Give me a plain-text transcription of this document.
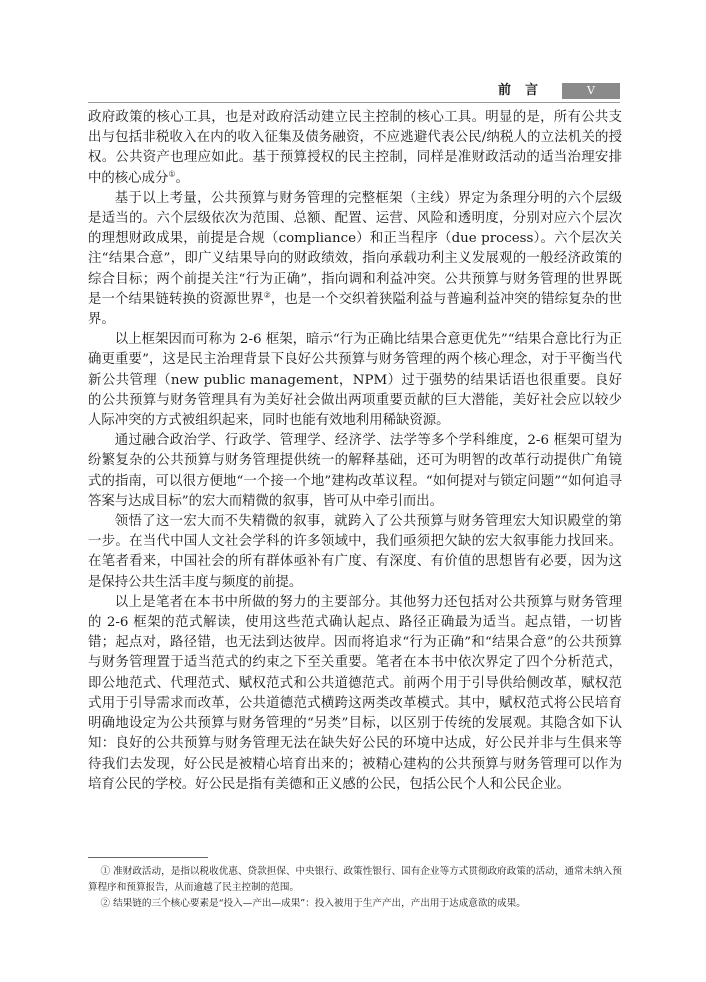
前言	V

政府政策的核心工具，也是对政府活动建立民主控制的核心工具。明显的是，所有公共支出与包括非税收入在内的收入征集及债务融资，不应逃避代表公民/纳税人的立法机关的授权。公共资产也理应如此。基于预算授权的民主控制，同样是准财政活动的适当治理安排中的核心成分①。

基于以上考量，公共预算与财务管理的完整框架（主线）界定为条理分明的六个层级是适当的。六个层级依次为范围、总额、配置、运营、风险和透明度，分别对应六个层次的理想财政成果，前提是合规（compliance）和正当程序（due process）。六个层次关注“结果合意”，即广义结果导向的财政绩效，指向承载功利主义发展观的一般经济政策的综合目标；两个前提关注“行为正确”，指向调和利益冲突。公共预算与财务管理的世界既是一个结果链转换的资源世界②，也是一个交织着狭隘利益与普遍利益冲突的错综复杂的世界。

以上框架因而可称为 2-6 框架，暗示“行为正确比结果合意更优先”“结果合意比行为正确更重要”，这是民主治理背景下良好公共预算与财务管理的两个核心理念，对于平衡当代新公共管理（new public management，NPM）过于强势的结果话语也很重要。良好的公共预算与财务管理具有为美好社会做出两项重要贡献的巨大潜能，美好社会应以较少人际冲突的方式被组织起来，同时也能有效地利用稀缺资源。

通过融合政治学、行政学、管理学、经济学、法学等多个学科维度，2-6 框架可望为纷繁复杂的公共预算与财务管理提供统一的解释基础，还可为明智的改革行动提供广角镜式的指南，可以很方便地“一个接一个地”建构改革议程。“如何提对与锁定问题”“如何追寻答案与达成目标”的宏大而精微的叙事，皆可从中牵引而出。

领悟了这一宏大而不失精微的叙事，就跨入了公共预算与财务管理宏大知识殿堂的第一步。在当代中国人文社会学科的许多领域中，我们亟须把欠缺的宏大叙事能力找回来。在笔者看来，中国社会的所有群体亟补有广度、有深度、有价值的思想皆有必要，因为这是保持公共生活丰度与频度的前提。

以上是笔者在本书中所做的努力的主要部分。其他努力还包括对公共预算与财务管理的 2-6 框架的范式解读，使用这些范式确认起点、路径正确最为适当。起点错，一切皆错；起点对，路径错，也无法到达彼岸。因而将追求“行为正确”和“结果合意”的公共预算与财务管理置于适当范式的约束之下至关重要。笔者在本书中依次界定了四个分析范式，即公地范式、代理范式、赋权范式和公共道德范式。前两个用于引导供给侧改革，赋权范式用于引导需求而改革，公共道德范式横跨这两类改革模式。其中，赋权范式将公民培育明确地设定为公共预算与财务管理的“另类”目标，以区别于传统的发展观。其隐含如下认知：良好的公共预算与财务管理无法在缺失好公民的环境中达成，好公民并非与生俱来等待我们去发现，好公民是被精心培育出来的；被精心建构的公共预算与财务管理可以作为培育公民的学校。好公民是指有美德和正义感的公民，包括公民个人和公民企业。

① 准财政活动，是指以税收优惠、贷款担保、中央银行、政策性银行、国有企业等方式贯彻政府政策的活动，通常未纳入预算程序和预算报告，从而逾越了民主控制的范围。

② 结果链的三个核心要素是“投入—产出—成果”：投入被用于生产产出，产出用于达成意欲的成果。
